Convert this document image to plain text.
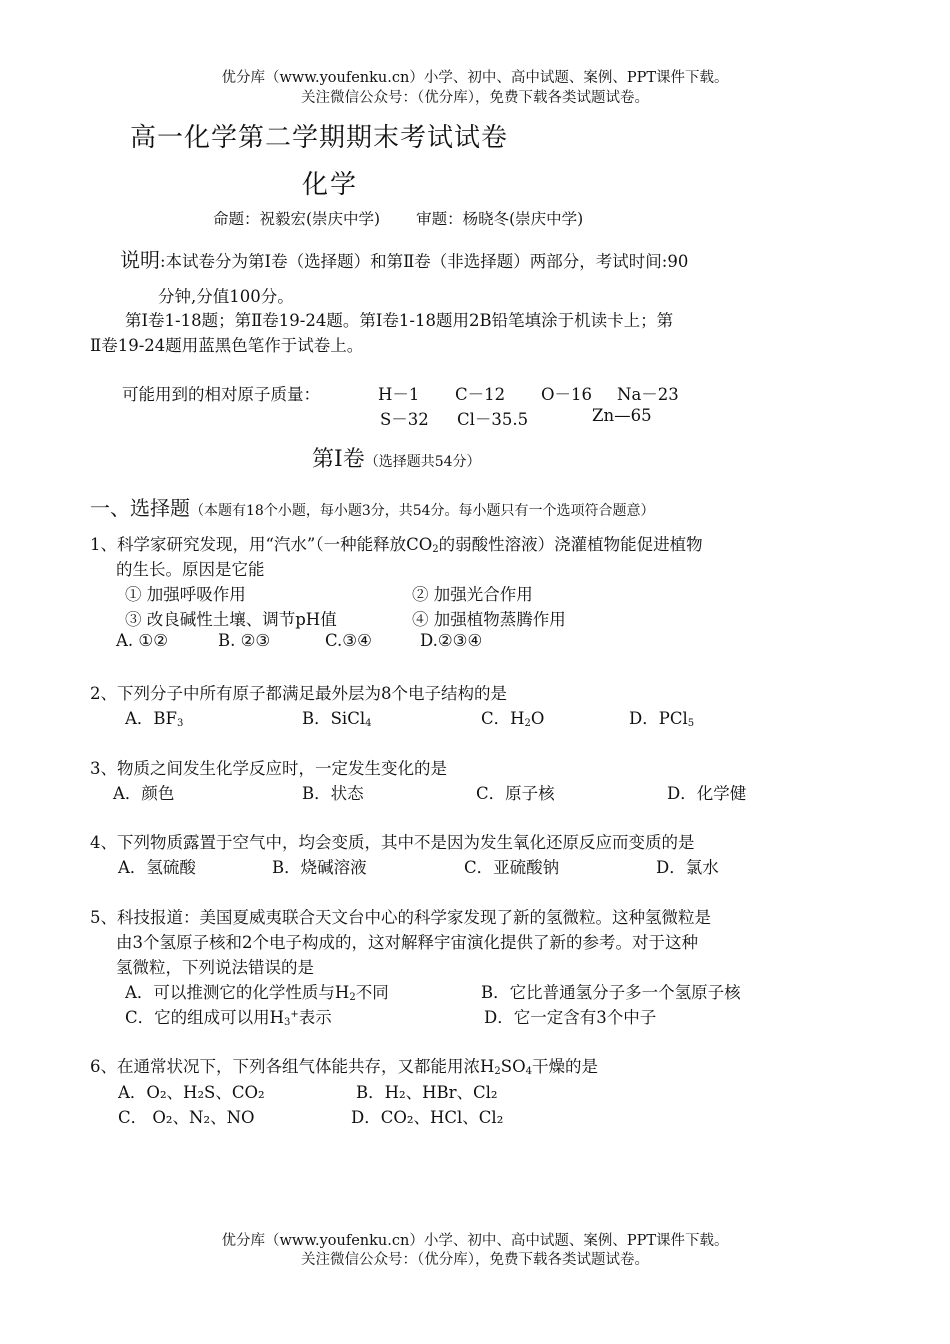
优分库（www.youfenku.cn）小学、初中、高中试题、案例、PPT课件下载。
关注微信公众号：（优分库），免费下载各类试题试卷。
高一化学第二学期期末考试试卷
化学
命题：祝毅宏(崇庆中学) 审题：杨晓冬(崇庆中学)
说明:本试卷分为第Ⅰ卷（选择题）和第Ⅱ卷（非选择题）两部分，考试时间:90
分钟,分值100分。
第Ⅰ卷1-18题；第Ⅱ卷19-24题。第Ⅰ卷1-18题用2B铅笔填涂于机读卡上；第
Ⅱ卷19-24题用蓝黑色笔作于试卷上。
可能用到的相对原子质量：	H－1 C－12 O－16 Na－23
S－32 Cl－35.5	Zn—65
第Ⅰ卷（选择题共54分）
一、选择题（本题有18个小题，每小题3分，共54分。每小题只有一个选项符合题意）
1、科学家研究发现，用“汽水”（一种能释放$CO_2$的弱酸性溶液）浇灌植物能促进植物
的生长。原因是它能
① 加强呼吸作用	② 加强光合作用
③ 改良碱性土壤、调节pH值	④ 加强植物蒸腾作用
A. ①②	B. ②③	C.③④	D.②③④
2、下列分子中所有原子都满足最外层为8个电子结构的是
A．$BF_3$	B．SiCl$_4$	C．$H_2O$	D．PCl$_5$
3、物质之间发生化学反应时，一定发生变化的是
A．颜色	B．状态	C．原子核	D．化学健
4、下列物质露置于空气中，均会变质，其中不是因为发生氧化还原反应而变质的是
A．氢硫酸	B．烧碱溶液	C．亚硫酸钠	D．氯水
5、科技报道：美国夏威夷联合天文台中心的科学家发现了新的氢微粒。这种氢微粒是
由3个氢原子核和2个电子构成的，这对解释宇宙演化提供了新的参考。对于这种
氢微粒，下列说法错误的是
A．可以推测它的化学性质与$H_2$不同	B．它比普通氢分子多一个氢原子核
C．它的组成可以用$H_3^+$表示	D．它一定含有3个中子
6、在通常状况下，下列各组气体能共存，又都能用浓$H_2SO_4$干燥的是
A．O₂、H₂S、CO₂	B．H₂、HBr、Cl₂
C． O₂、N₂、NO	D．CO₂、HCl、Cl₂
优分库（www.youfenku.cn）小学、初中、高中试题、案例、PPT课件下载。
关注微信公众号：（优分库），免费下载各类试题试卷。
